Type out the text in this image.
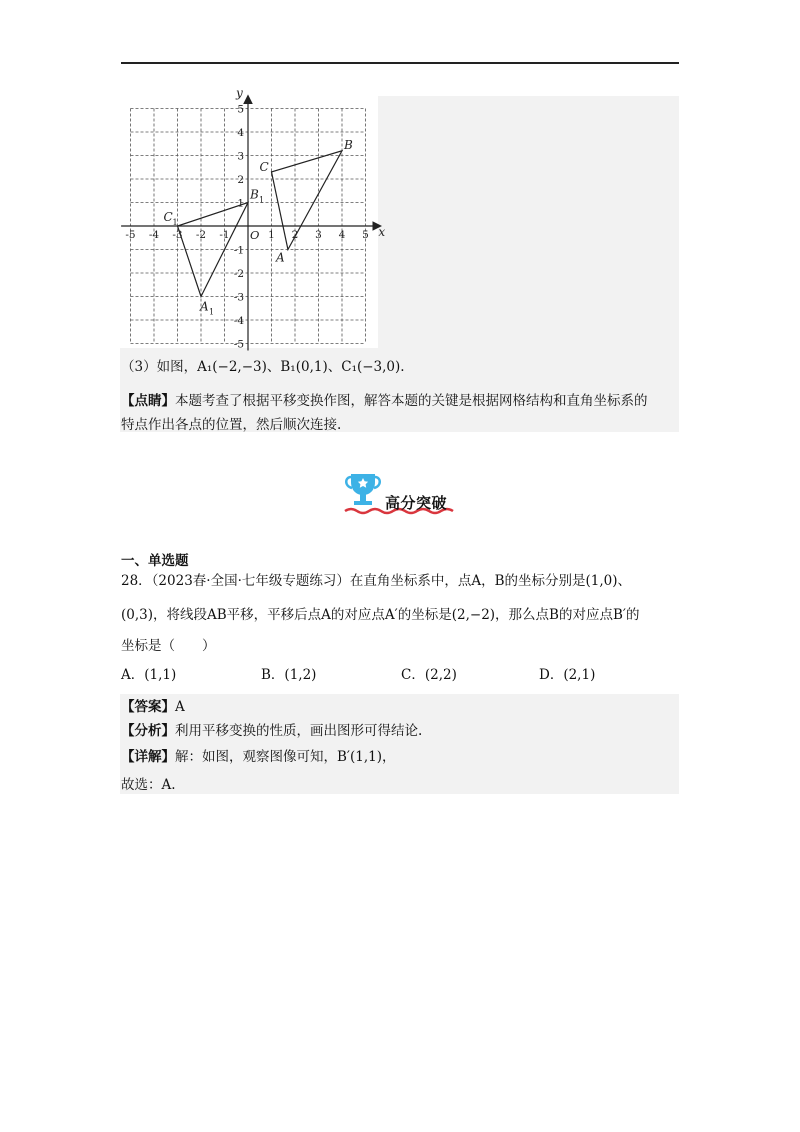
-5 -4 -3 -2 -1	1 2 3 4 5
5
4
3
2
1
-1
-2
-3
-4
-5
x
y
O
B
C
A
B 1
C 1
A 1
（3）如图，A₁(−2,−3)、B₁(0,1)、C₁(−3,0).
【点睛】本题考查了根据平移变换作图，解答本题的关键是根据网格结构和直角坐标系的
特点作出各点的位置，然后顺次连接.
高分突破
一、单选题
28．（2023春·全国·七年级专题练习）在直角坐标系中，点A，B的坐标分别是(1,0)、
(0,3)，将线段AB平移，平移后点A的对应点A′的坐标是(2,−2)，那么点B的对应点B′的
坐标是（　　）
A．(1,1)	B．(1,2)	C．(2,2)	D．(2,1)
【答案】A
【分析】利用平移变换的性质，画出图形可得结论.
【详解】解：如图，观察图像可知，B′(1,1)，
故选：A.
